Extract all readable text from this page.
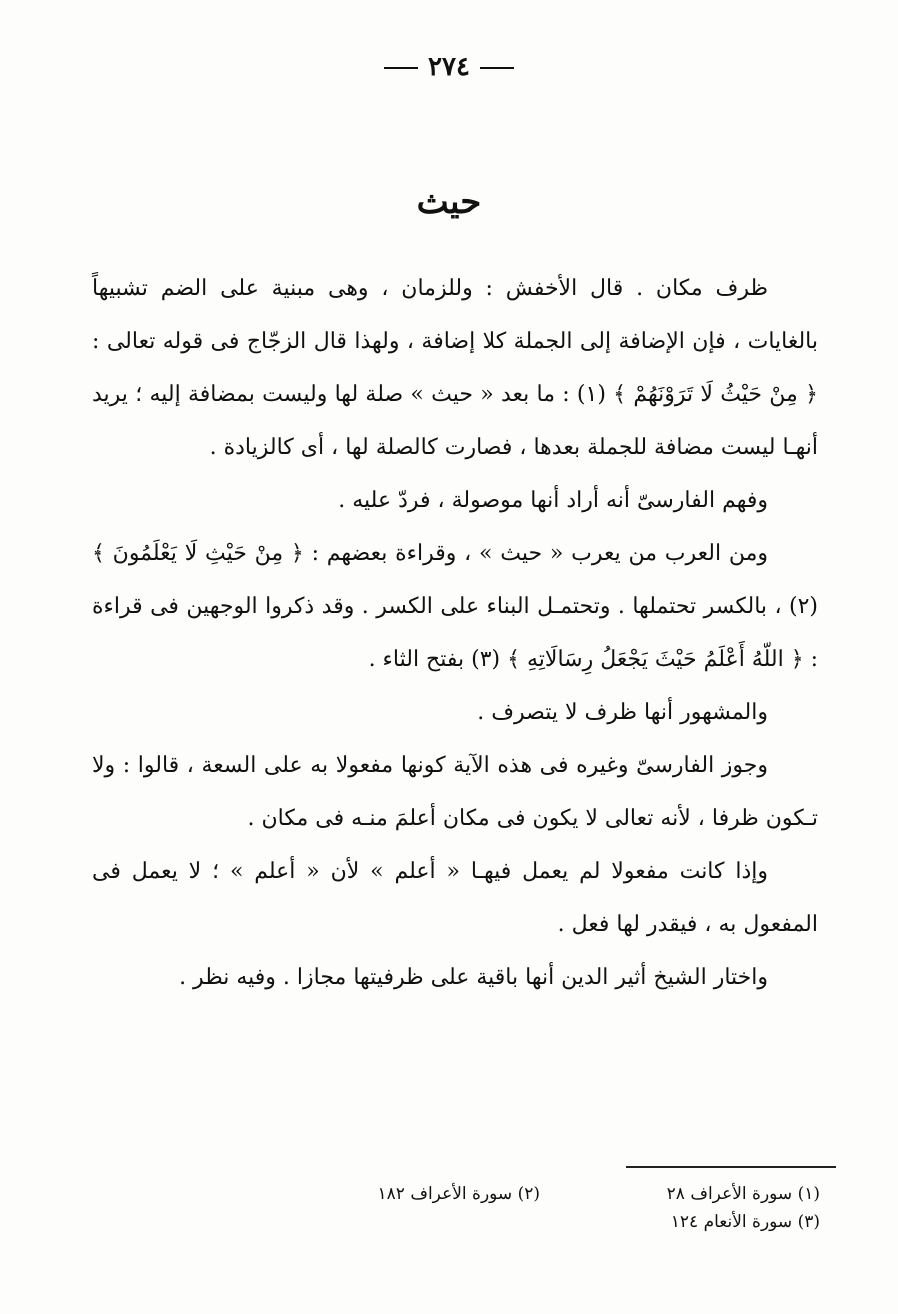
٢٧٤
حيث

ظرف مكان . قال الأخفش : وللزمان ، وهى مبنية على الضم تشبيهاً بالغايات ، فإن الإضافة إلى الجملة كلا إضافة ، ولهذا قال الزجّاج فى قوله تعالى : ﴿ مِنْ حَيْثُ لَا تَرَوْنَهُمْ ﴾ (١) : ما بعد « حيث » صلة لها وليست بمضافة إليه ؛ يريد أنهـا ليست مضافة للجملة بعدها ، فصارت كالصلة لها ، أى كالزيادة .

وفهم الفارسىّ أنه أراد أنها موصولة ، فردّ عليه .

ومن العرب من يعرب « حيث » ، وقراءة بعضهم : ﴿ مِنْ حَيْثِ لَا يَعْلَمُونَ ﴾ (٢) ، بالكسر تحتملها . وتحتمـل البناء على الكسر . وقد ذكروا الوجهين فى قراءة : ﴿ اللّهُ أَعْلَمُ حَيْثَ يَجْعَلُ رِسَالَاتِهِ ﴾ (٣) بفتح الثاء .

والمشهور أنها ظرف لا يتصرف .

وجوز الفارسىّ وغيره فى هذه الآية كونها مفعولا به على السعة ، قالوا : ولا تـكون ظرفا ، لأنه تعالى لا يكون فى مكان أعلمَ منـه فى مكان .

وإذا كانت مفعولا لم يعمل فيهـا « أعلم » لأن « أعلم » ؛ لا يعمل فى المفعول به ، فيقدر لها فعل .

واختار الشيخ أثير الدين أنها باقية على ظرفيتها مجازا . وفيه نظر .

(١) سورة الأعراف ٢٨
(٢) سورة الأعراف ١٨٢
(٣) سورة الأنعام ١٢٤
